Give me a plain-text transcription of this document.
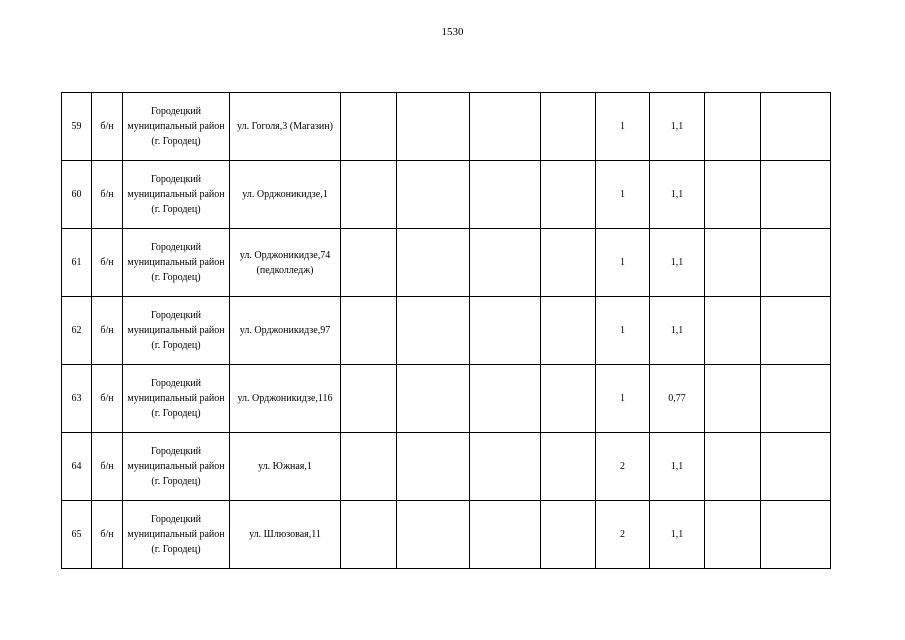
1530
59	б/н	Городецкий муниципальный район (г. Городец)	ул. Гоголя,3 (Магазин)					1	1,1		
60	б/н	Городецкий муниципальный район (г. Городец)	ул. Орджоникидзе,1					1	1,1		
61	б/н	Городецкий муниципальный район (г. Городец)	ул. Орджоникидзе,74 (педколледж)					1	1,1		
62	б/н	Городецкий муниципальный район (г. Городец)	ул. Орджоникидзе,97					1	1,1		
63	б/н	Городецкий муниципальный район (г. Городец)	ул. Орджоникидзе,116					1	0,77		
64	б/н	Городецкий муниципальный район (г. Городец)	ул. Южная,1					2	1,1		
65	б/н	Городецкий муниципальный район (г. Городец)	ул. Шлюзовая,11					2	1,1		
